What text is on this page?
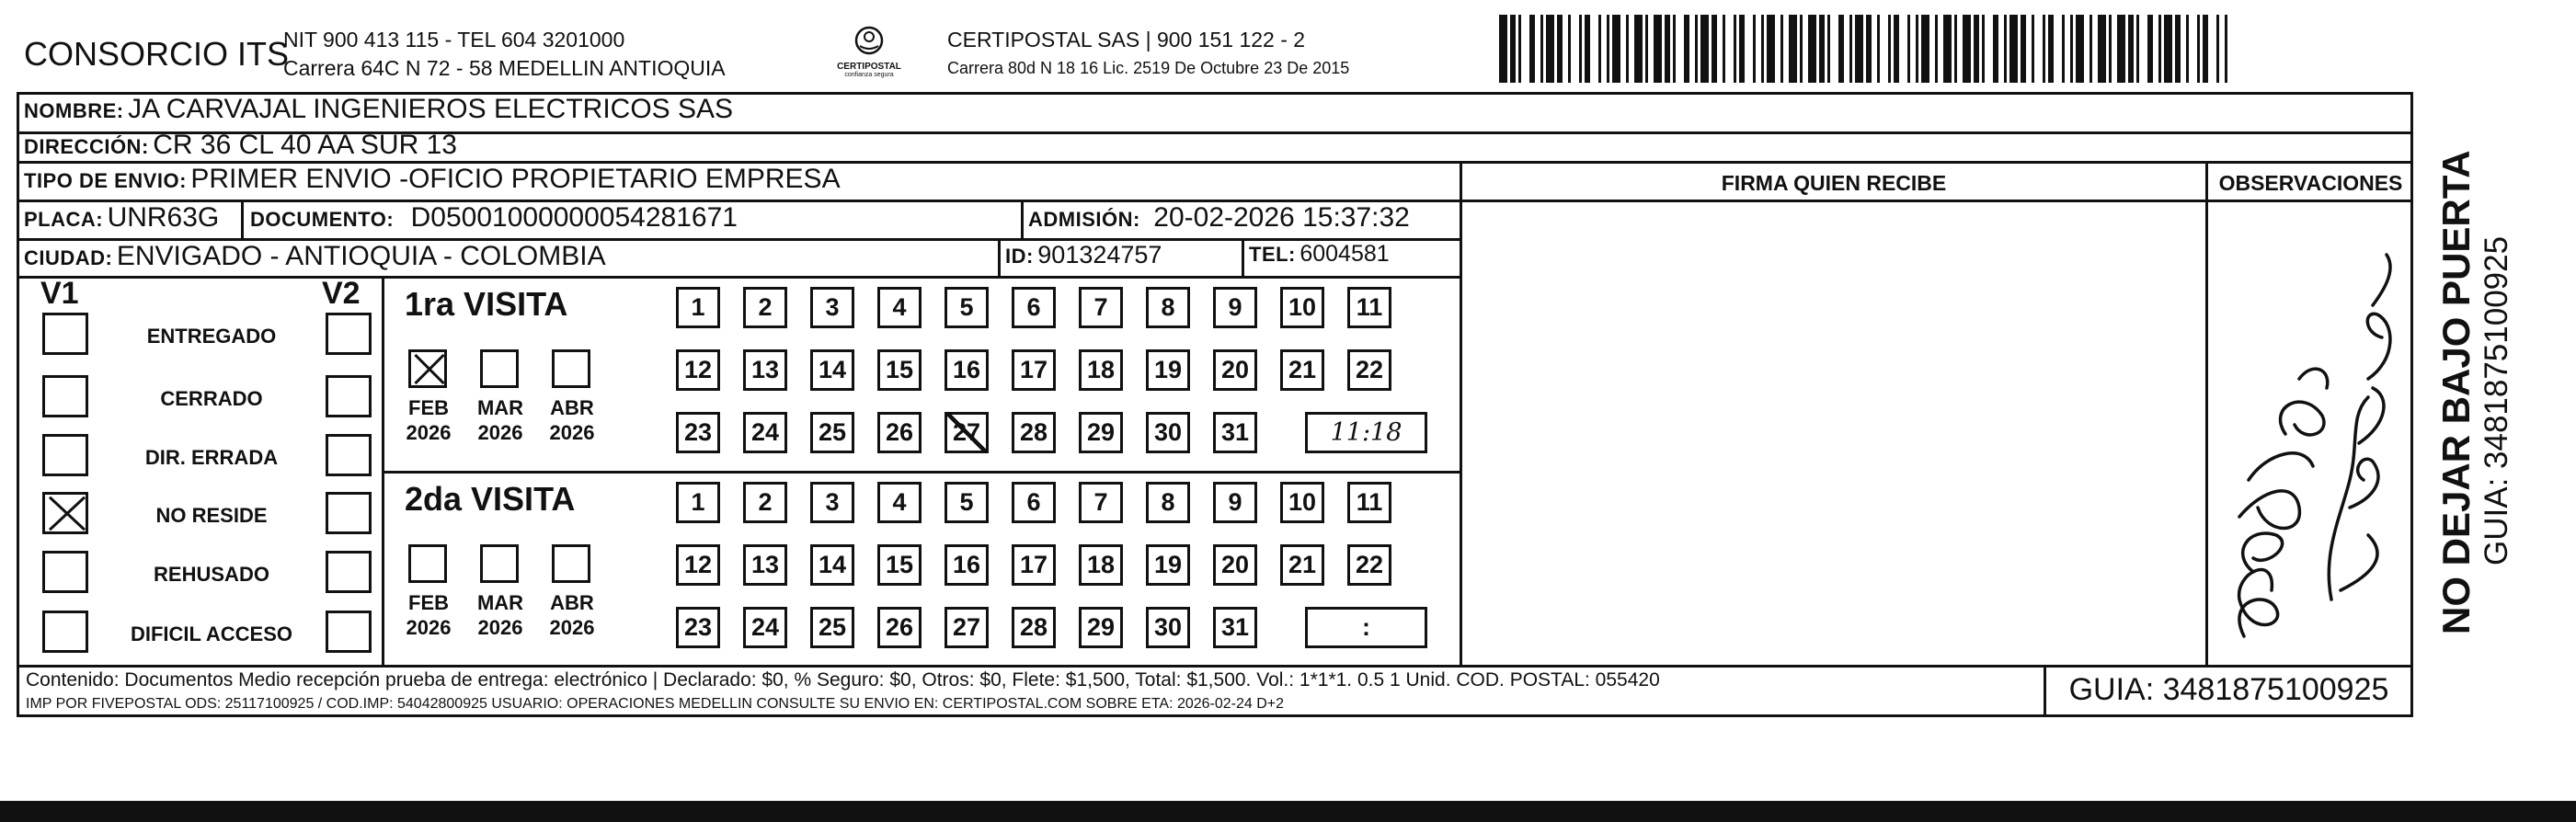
CONSORCIO ITS
NIT 900 413 115 - TEL 604 3201000
Carrera 64C N 72 - 58 MEDELLIN ANTIOQUIA	CERTIPOSTAL
confianza segura
CERTIPOSTAL SAS | 900 151 122 - 2
Carrera 80d N 18 16 Lic. 2519 De Octubre 23 De 2015
NOMBRE: JA CARVAJAL INGENIEROS ELECTRICOS SAS
DIRECCIÓN: CR 36 CL 40 AA SUR 13
TIPO DE ENVIO: PRIMER ENVIO -OFICIO PROPIETARIO EMPRESA	FIRMA QUIEN RECIBE	OBSERVACIONES
PLACA: UNR63G DOCUMENTO: D05001000000054281671	ADMISIÓN: 20-02-2026 15:37:32
CIUDAD: ENVIGADO - ANTIOQUIA - COLOMBIA	ID: 901324757	TEL: 6004581
V1	V2
ENTREGADO
CERRADO
DIR. ERRADA
NO RESIDE
REHUSADO
DIFICIL ACCESO
1ra VISITA
FEB
2026
MAR
2026
ABR
2026
1	2	3	4	5	6	7	8	9	10	11
12	13	14	15	16	17	18	19	20	21	22
23	24	25	26	27	28	29	30	31	11:18
2da VISITA
FEB
2026
MAR
2026
ABR
2026
1	2	3	4	5	6	7	8	9	10	11
12	13	14	15	16	17	18	19	20	21	22
23	24	25	26	27	28	29	30	31	:
Contenido: Documentos Medio recepción prueba de entrega: electrónico | Declarado: $0, % Seguro: $0, Otros: $0, Flete: $1,500, Total: $1,500. Vol.: 1*1*1. 0.5 1 Unid. COD. POSTAL: 055420
IMP POR FIVEPOSTAL ODS: 25117100925 / COD.IMP: 54042800925 USUARIO: OPERACIONES MEDELLIN CONSULTE SU ENVIO EN: CERTIPOSTAL.COM SOBRE ETA: 2026-02-24 D+2	GUIA: 3481875100925
NO DEJAR BAJO PUERTA GUIA: 3481875100925
